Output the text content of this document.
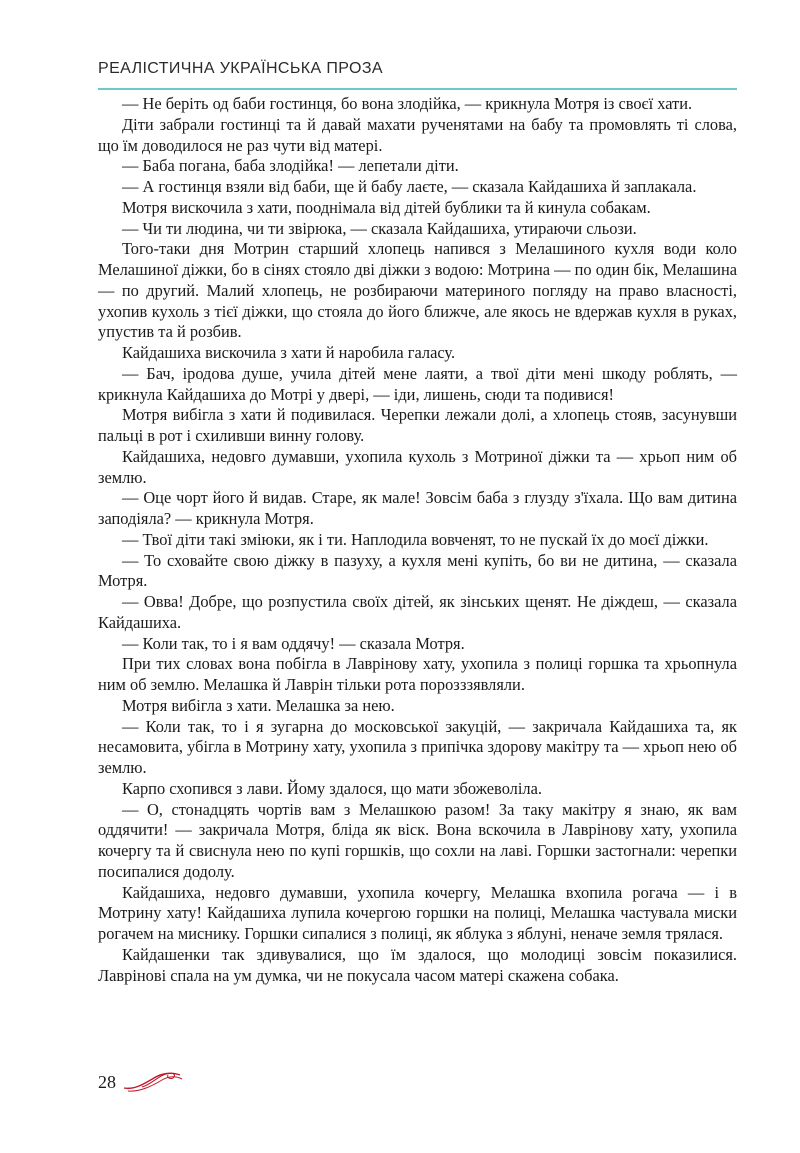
РЕАЛІСТИЧНА УКРАЇНСЬКА ПРОЗА

— Не беріть од баби гостинця, бо вона злодійка, — крикнула Мотря із своєї хати.

Діти забрали гостинці та й давай махати рученятами на бабу та промовлять ті слова, що їм доводилося не раз чути від матері.

— Баба погана, баба злодійка! — лепетали діти.

— А гостинця взяли від баби, ще й бабу лаєте, — сказала Кайдашиха й заплакала.

Мотря вискочила з хати, пооднімала від дітей бублики та й кинула собакам.

— Чи ти людина, чи ти звірюка, — сказала Кайдашиха, утираючи сльози.

Того-таки дня Мотрин старший хлопець напився з Мелашиного кухля води коло Мелашиної діжки, бо в сінях стояло дві діжки з водою: Мотрина — по один бік, Мелашина — по другий. Малий хлопець, не розбираючи материного погляду на право власності, ухопив кухоль з тієї діжки, що стояла до його ближче, але якось не вдержав кухля в руках, упустив та й розбив.

Кайдашиха вискочила з хати й наробила галасу.

— Бач, іродова душе, учила дітей мене лаяти, а твої діти мені шкоду роблять, — крикнула Кайдашиха до Мотрі у двері, — іди, лишень, сюди та подивися!

Мотря вибігла з хати й подивилася. Черепки лежали долі, а хлопець стояв, засунувши пальці в рот і схиливши винну голову.

Кайдашиха, недовго думавши, ухопила кухоль з Мотриної діжки та — хрьоп ним об землю.

— Оце чорт його й видав. Старе, як мале! Зовсім баба з глузду з'їхала. Що вам дитина заподіяла? — крикнула Мотря.

— Твої діти такі зміюки, як і ти. Наплодила вовченят, то не пускай їх до моєї діжки.

— То сховайте свою діжку в пазуху, а кухля мені купіть, бо ви не дитина, — сказала Мотря.

— Овва! Добре, що розпустила своїх дітей, як зінських щенят. Не діждеш, — сказала Кайдашиха.

— Коли так, то і я вам оддячу! — сказала Мотря.

При тих словах вона побігла в Лаврінову хату, ухопила з полиці горшка та хрьопнула ним об землю. Мелашка й Лаврін тільки рота порозззявляли.

Мотря вибігла з хати. Мелашка за нею.

— Коли так, то і я зугарна до московської закуцій, — закричала Кайдашиха та, як несамовита, убігла в Мотрину хату, ухопила з припічка здорову макітру та — хрьоп нею об землю.

Карпо схопився з лави. Йому здалося, що мати збожеволіла.

— О, стонадцять чортів вам з Мелашкою разом! За таку макітру я знаю, як вам оддячити! — закричала Мотря, бліда як віск. Вона вскочила в Лаврінову хату, ухопила кочергу та й свиснула нею по купі горшків, що сохли на лаві. Горшки застогнали: черепки посипалися додолу.

Кайдашиха, недовго думавши, ухопила кочергу, Мелашка вхопила рогача — і в Мотрину хату! Кайдашиха лупила кочергою горшки на полиці, Мелашка частувала миски рогачем на миснику. Горшки сипалися з полиці, як яблука з яблуні, неначе земля трялася.

Кайдашенки так здивувалися, що їм здалося, що молодиці зовсім показилися. Лаврінові спала на ум думка, чи не покусала часом матері скажена собака.

28
